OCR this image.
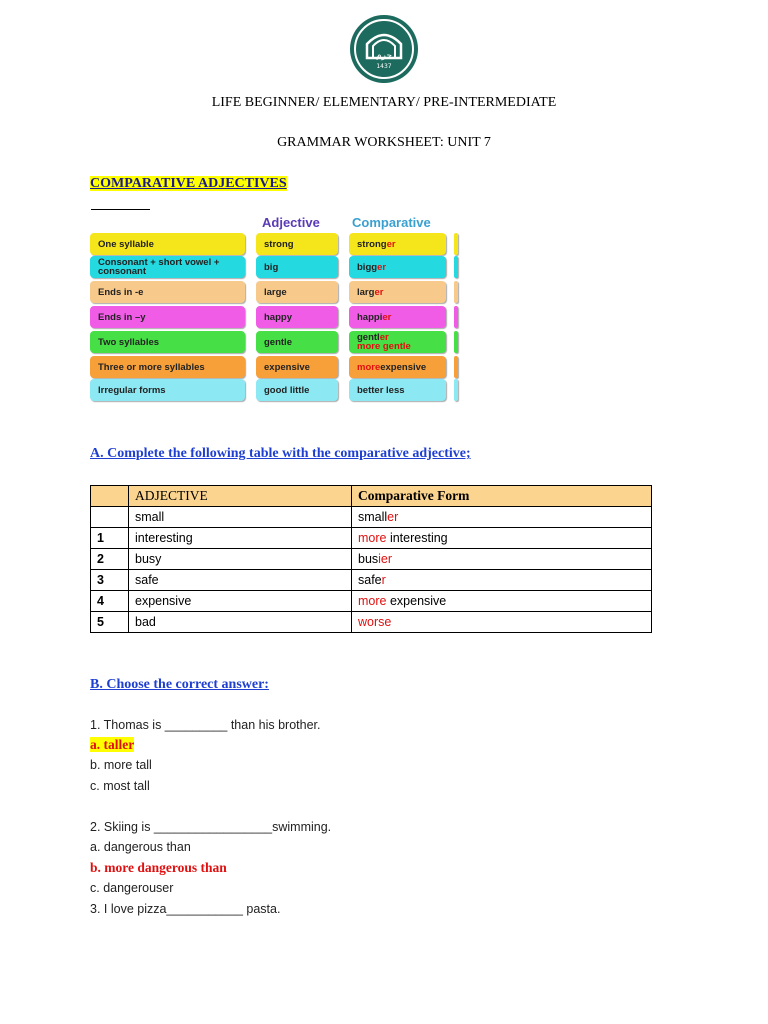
حرم
1437
LIFE BEGINNER/ ELEMENTARY/ PRE-INTERMEDIATE
GRAMMAR WORKSHEET: UNIT 7
COMPARATIVE ADJECTIVES
Adjective Comparative
One syllable	strong	strong er
Consonant + short vowel + consonant	big	bigg er
Ends in -e	large	larg er
Ends in –y	happy	happi er
Two syllables	gentle	gentler
more gentle
Three or more syllables	expensive	more expensive
Irregular forms	good little	better less
A. Complete the following table with the comparative adjective;
	ADJECTIVE	Comparative Form
	small	smaller
1	interesting	more interesting
2	busy	busier
3	safe	safer
4	expensive	more expensive
5	bad	worse
B. Choose the correct answer:
1. Thomas is _________ than his brother.
a. taller
b. more tall
c. most tall
2. Skiing is _________________swimming.
a. dangerous than
b. more dangerous than
c. dangerouser
3. I love pizza___________ pasta.
